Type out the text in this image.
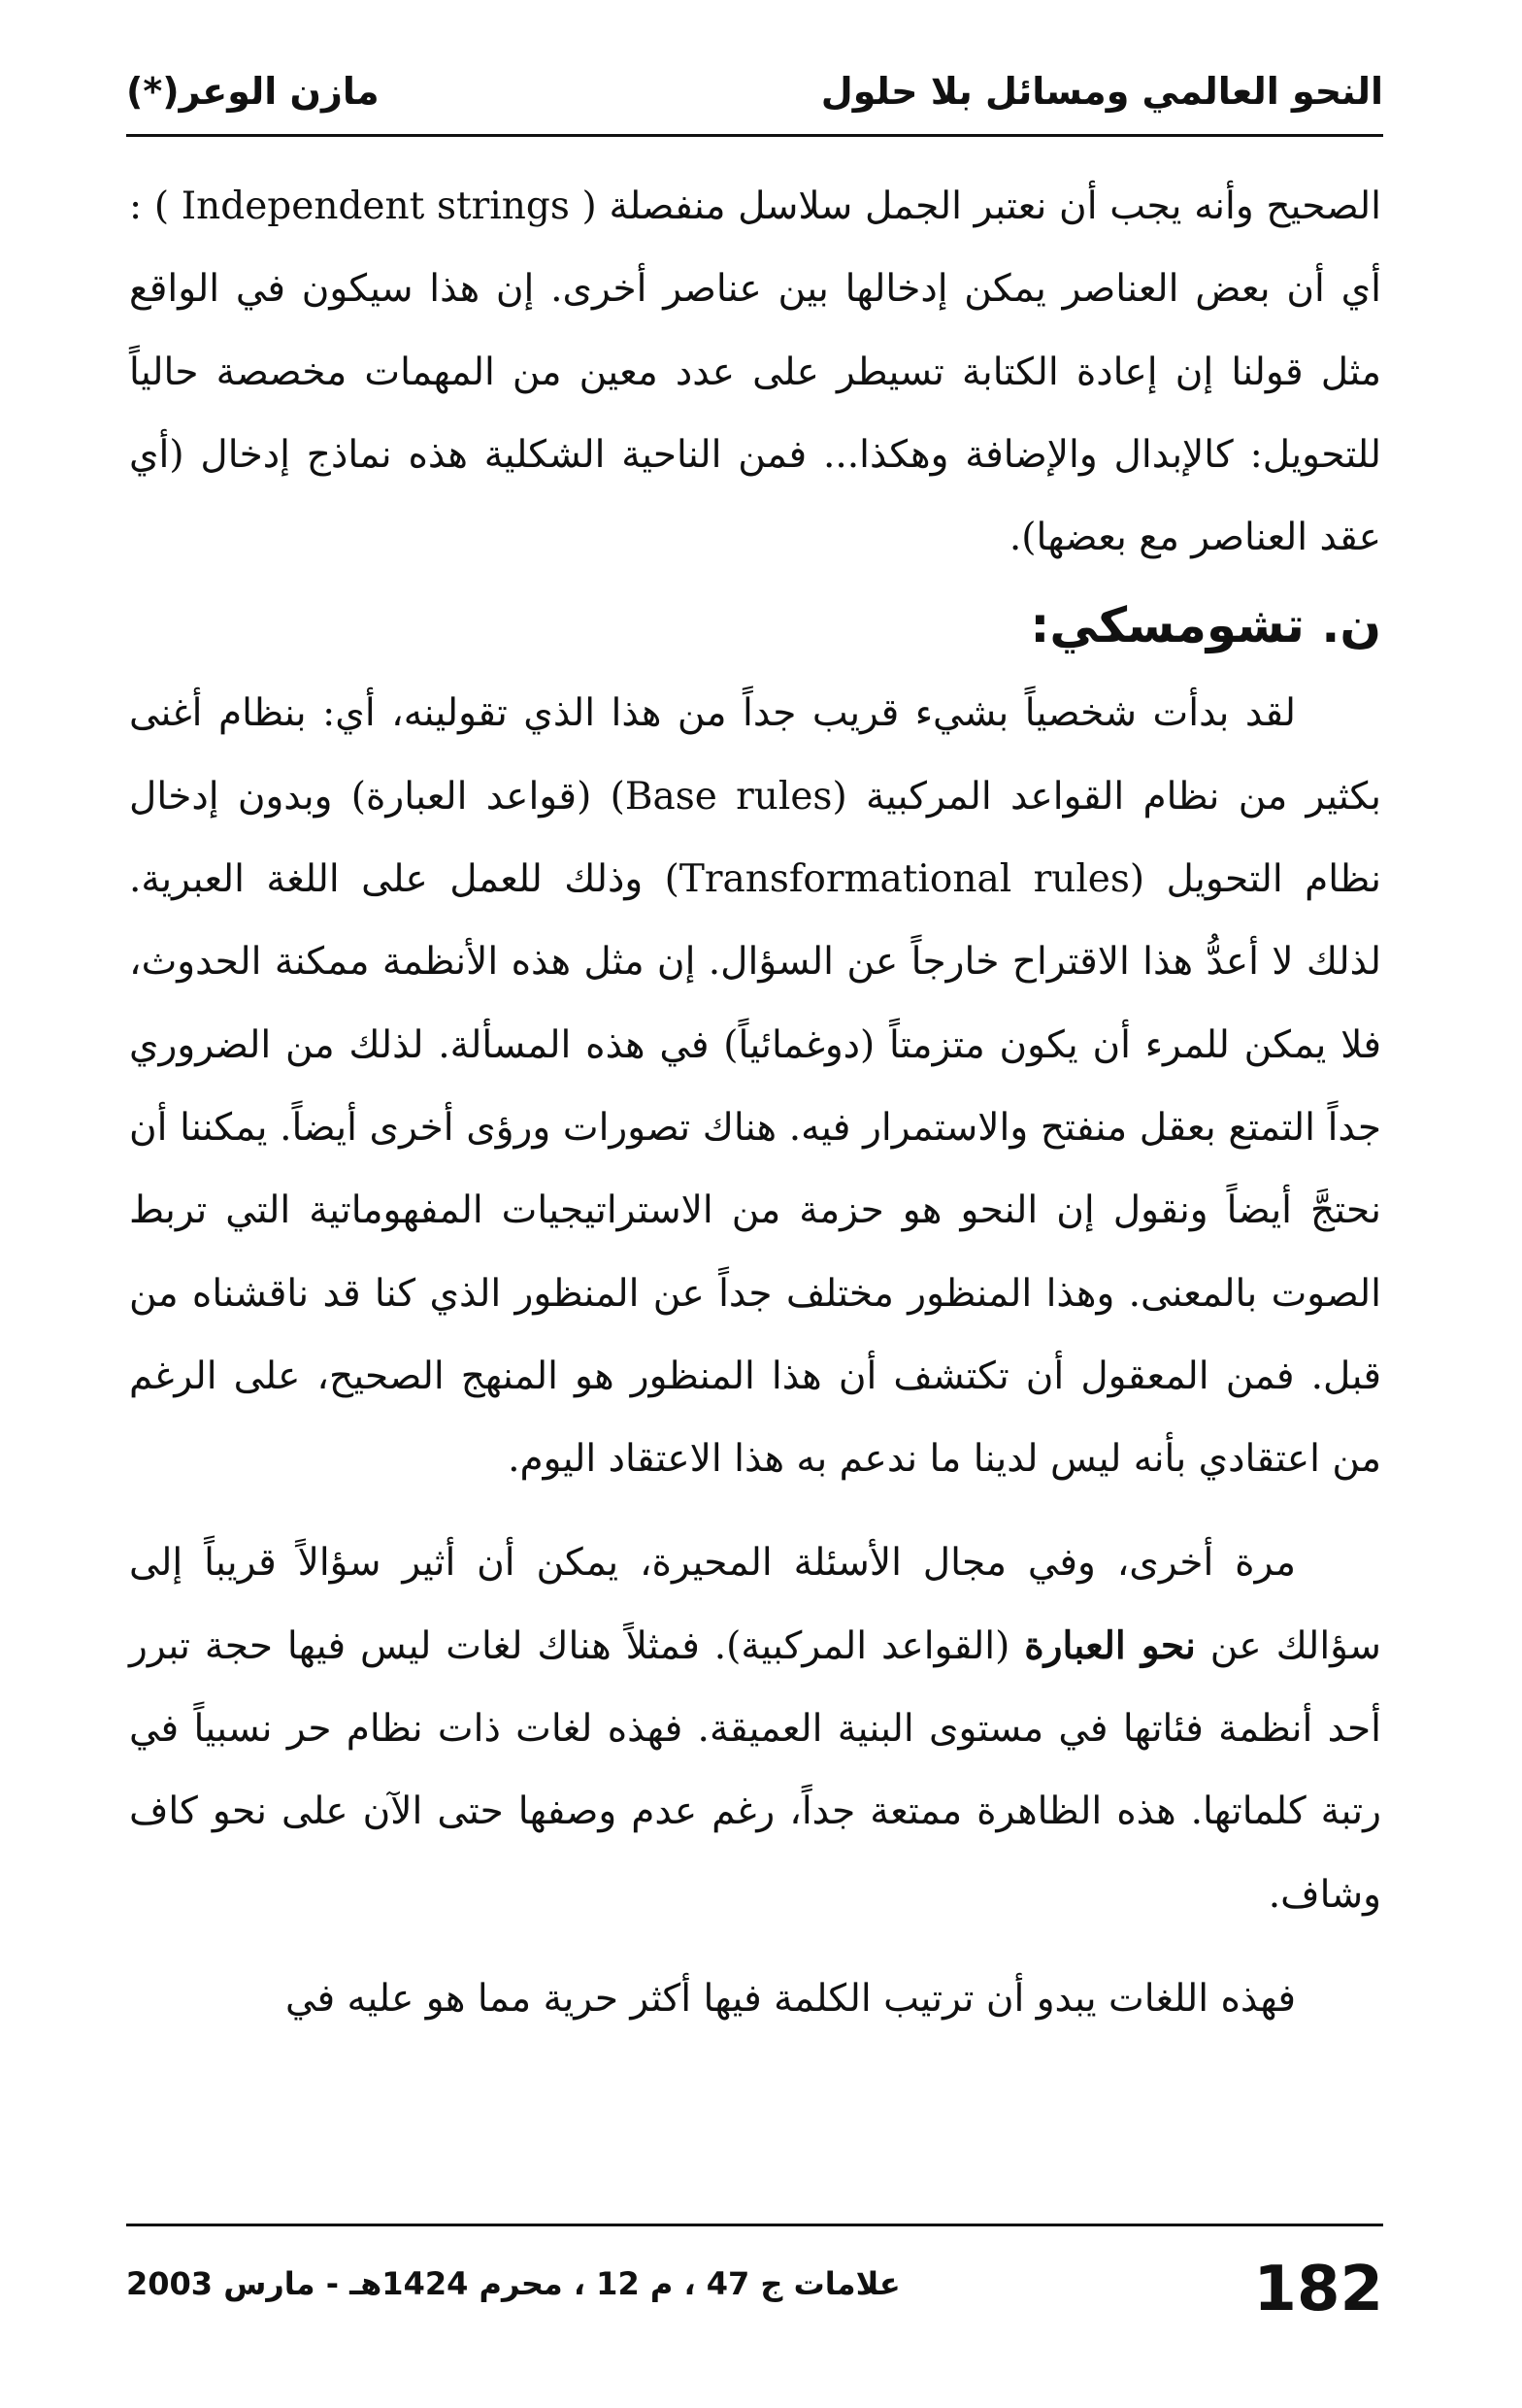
النحو العالمي ومسائل بلا حلول
مازن الوعر(*)

الصحيح وأنه يجب أن نعتبر الجمل سلاسل منفصلة ( Independent strings ) : أي أن بعض العناصر يمكن إدخالها بين عناصر أخرى. إن هذا سيكون في الواقع مثل قولنا إن إعادة الكتابة تسيطر على عدد معين من المهمات مخصصة حالياً للتحويل: كالإبدال والإضافة وهكذا... فمن الناحية الشكلية هذه نماذج إدخال (أي عقد العناصر مع بعضها).

ن. تشومسكي:

لقد بدأت شخصياً بشيء قريب جداً من هذا الذي تقولينه، أي: بنظام أغنى بكثير من نظام القواعد المركبية (Base rules) (قواعد العبارة) وبدون إدخال نظام التحويل (Transformational rules) وذلك للعمل على اللغة العبرية. لذلك لا أعدُّ هذا الاقتراح خارجاً عن السؤال. إن مثل هذه الأنظمة ممكنة الحدوث، فلا يمكن للمرء أن يكون متزمتاً (دوغمائياً) في هذه المسألة. لذلك من الضروري جداً التمتع بعقل منفتح والاستمرار فيه. هناك تصورات ورؤى أخرى أيضاً. يمكننا أن نحتجَّ أيضاً ونقول إن النحو هو حزمة من الاستراتيجيات المفهوماتية التي تربط الصوت بالمعنى. وهذا المنظور مختلف جداً عن المنظور الذي كنا قد ناقشناه من قبل. فمن المعقول أن تكتشف أن هذا المنظور هو المنهج الصحيح، على الرغم من اعتقادي بأنه ليس لدينا ما ندعم به هذا الاعتقاد اليوم.

مرة أخرى، وفي مجال الأسئلة المحيرة، يمكن أن أثير سؤالاً قريباً إلى سؤالك عن نحو العبارة (القواعد المركبية). فمثلاً هناك لغات ليس فيها حجة تبرر أحد أنظمة فئاتها في مستوى البنية العميقة. فهذه لغات ذات نظام حر نسبياً في رتبة كلماتها. هذه الظاهرة ممتعة جداً، رغم عدم وصفها حتى الآن على نحو كاف وشاف.

فهذه اللغات يبدو أن ترتيب الكلمة فيها أكثر حرية مما هو عليه في

182
علامات ج 47 ، م 12 ، محرم 1424هـ - مارس 2003
